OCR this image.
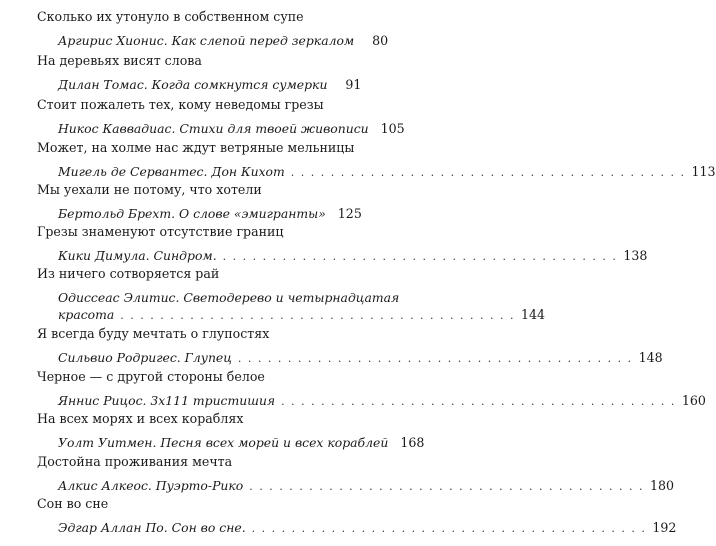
Сколько их утонуло в собственном супе
Аргирис Хионис. Как слепой перед зеркалом	80
На деревьях висят слова
Дилан Томас. Когда сомкнутся сумерки	91
Стоит пожалеть тех, кому неведомы грезы
Никос Каввадиас. Стихи для твоей живописи 105
Может, на холме нас ждут ветряные мельницы
Мигель де Сервантес. Дон Кихот . . . . . . . . . . . . . . . . . . . . . . . . . . . . . . . . . . . . . . . . 113
Мы уехали не потому, что хотели
Бертольд Брехт. О слове «эмигранты» 125
Грезы знаменуют отсутствие границ
Кики Димула. Синдром. . . . . . . . . . . . . . . . . . . . . . . . . . . . . . . . . . . . . . . . . 138
Из ничего сотворяется рай
Одиссеас Элитис. Светодерево и четырнадцатая
красота . . . . . . . . . . . . . . . . . . . . . . . . . . . . . . . . . . . . . . . . 144
Я всегда буду мечтать о глупостях
Сильвио Родригес. Глупец . . . . . . . . . . . . . . . . . . . . . . . . . . . . . . . . . . . . . . . . 148
Черное — с другой стороны белое
Яннис Рицос. 3x111 тристишия . . . . . . . . . . . . . . . . . . . . . . . . . . . . . . . . . . . . . . . . 160
На всех морях и всех кораблях
Уолт Уитмен. Песня всех морей и всех кораблей 168
Достойна проживания мечта
Алкис Алкеос. Пуэрто-Рико . . . . . . . . . . . . . . . . . . . . . . . . . . . . . . . . . . . . . . . . 180
Сон во сне
Эдгар Аллан По. Сон во сне. . . . . . . . . . . . . . . . . . . . . . . . . . . . . . . . . . . . . . . . . 192
